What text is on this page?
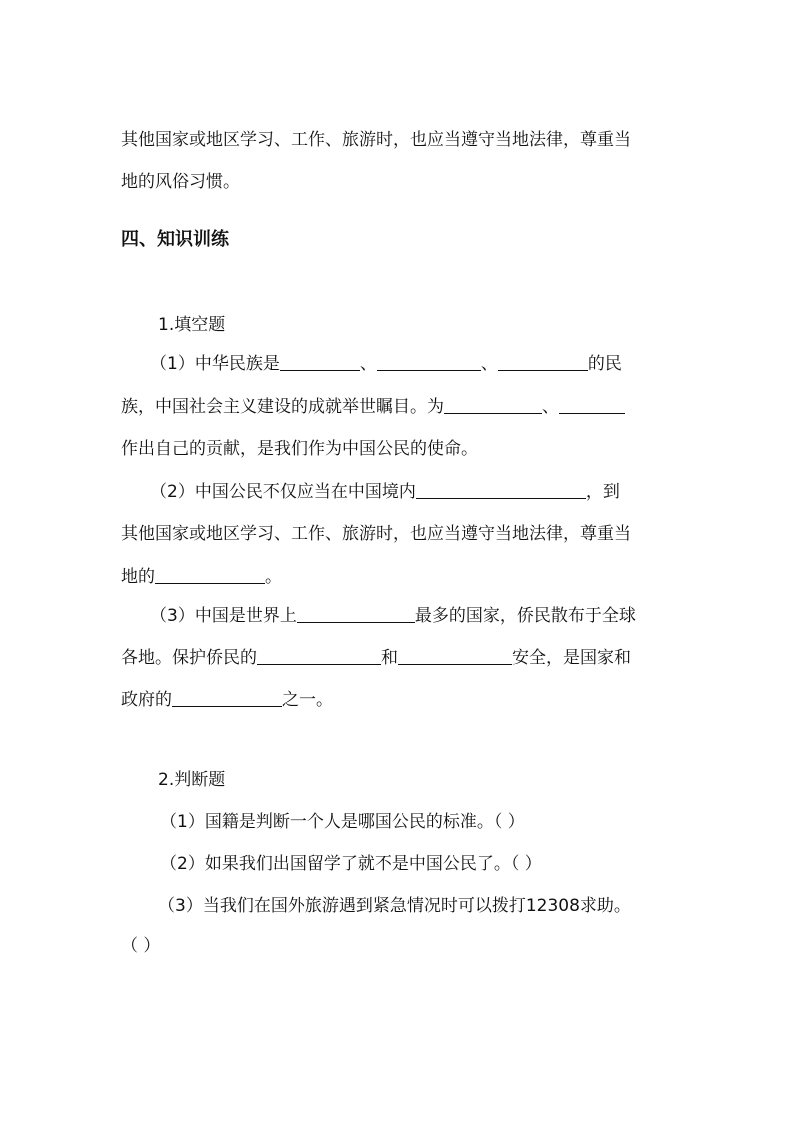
其他国家或地区学习、工作、旅游时，也应当遵守当地法律，尊重当
地的风俗习惯。
四、知识训练
1.填空题
（1）中华民族是	、	、	的民
族，中国社会主义建设的成就举世瞩目。为	、
作出自己的贡献，是我们作为中国公民的使命。
（2）中国公民不仅应当在中国境内	，到
其他国家或地区学习、工作、旅游时，也应当遵守当地法律，尊重当
地的	。
（3）中国是世界上	最多的国家，侨民散布于全球
各地。保护侨民的	和	安全，是国家和
政府的	之一。
2.判断题
（1）国籍是判断一个人是哪国公民的标准。（ ）
（2）如果我们出国留学了就不是中国公民了。（ ）
（3）当我们在国外旅游遇到紧急情况时可以拨打12308求助。
（ ）
